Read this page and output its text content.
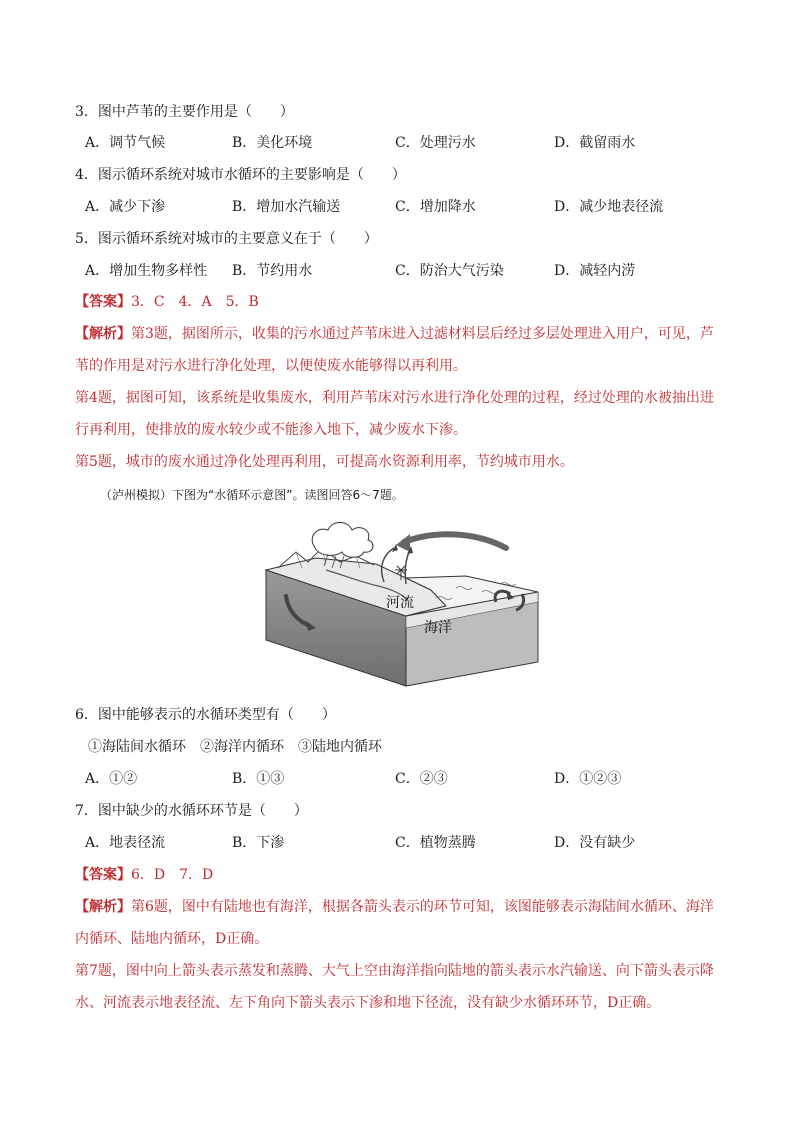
3．图中芦苇的主要作用是（　　）
A．调节气候	B．美化环境	C．处理污水	D．截留雨水
4．图示循环系统对城市水循环的主要影响是（　　）
A．减少下渗	B．增加水汽输送	C．增加降水	D．减少地表径流
5．图示循环系统对城市的主要意义在于（　　）
A．增加生物多样性 B．节约用水	C．防治大气污染	D．减轻内涝
【答案】3．C　4．A　5．B
【解析】第3题，据图所示，收集的污水通过芦苇床进入过滤材料层后经过多层处理进入用户，可见，芦苇的作用是对污水进行净化处理，以便使废水能够得以再利用。
第4题，据图可知，该系统是收集废水，利用芦苇床对污水进行净化处理的过程，经过处理的水被抽出进行再利用，使排放的废水较少或不能渗入地下，减少废水下渗。
第5题，城市的废水通过净化处理再利用，可提高水资源利用率，节约城市用水。
（泸州模拟）下图为“水循环示意图”。读图回答6～7题。
河流
海洋
6．图中能够表示的水循环类型有（　　）
①海陆间水循环　②海洋内循环　③陆地内循环
A．①②	B．①③	C．②③	D．①②③
7．图中缺少的水循环环节是（　　）
A．地表径流	B．下渗	C．植物蒸腾	D．没有缺少
【答案】6．D　7．D
【解析】第6题，图中有陆地也有海洋，根据各箭头表示的环节可知，该图能够表示海陆间水循环、海洋内循环、陆地内循环，D正确。
第7题，图中向上箭头表示蒸发和蒸腾、大气上空由海洋指向陆地的箭头表示水汽输送、向下箭头表示降水、河流表示地表径流、左下角向下箭头表示下渗和地下径流，没有缺少水循环环节，D正确。
